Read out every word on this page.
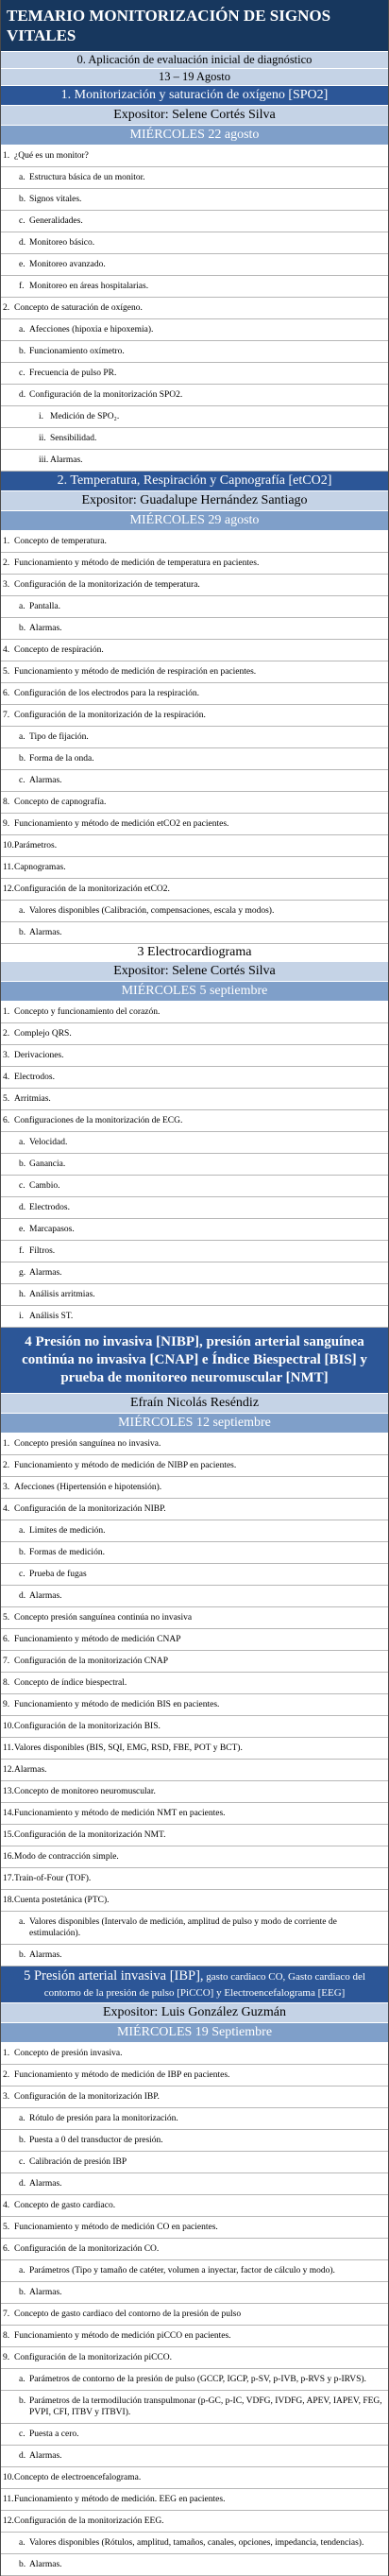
TEMARIO MONITORIZACIÓN DE SIGNOS VITALES
0. Aplicación de evaluación inicial de diagnóstico
13 – 19 Agosto
1. Monitorización y saturación de oxígeno [SPO2]
Expositor: Selene Cortés Silva
MIÉRCOLES 22 agosto
1. ¿Qué es un monitor?
a. Estructura básica de un monitor.
b. Signos vitales.
c. Generalidades.
d. Monitoreo básico.
e. Monitoreo avanzado.
f. Monitoreo en áreas hospitalarias.
2. Concepto de saturación de oxígeno.
a. Afecciones (hipoxia e hipoxemia).
b. Funcionamiento oxímetro.
c. Frecuencia de pulso PR.
d. Configuración de la monitorización SPO2.
i. Medición de SPO₂.
ii. Sensibilidad.
iii. Alarmas.
2. Temperatura, Respiración y Capnografía [etCO2]
Expositor: Guadalupe Hernández Santiago
MIÉRCOLES 29 agosto
1. Concepto de temperatura.
2. Funcionamiento y método de medición de temperatura en pacientes.
3. Configuración de la monitorización de temperatura.
a. Pantalla.
b. Alarmas.
4. Concepto de respiración.
5. Funcionamiento y método de medición de respiración en pacientes.
6. Configuración de los electrodos para la respiración.
7. Configuración de la monitorización de la respiración.
a. Tipo de fijación.
b. Forma de la onda.
c. Alarmas.
8. Concepto de capnografía.
9. Funcionamiento y método de medición etCO2 en pacientes.
10. Parámetros.
11. Capnogramas.
12. Configuración de la monitorización etCO2.
a. Valores disponibles (Calibración, compensaciones, escala y modos).
b. Alarmas.
3 Electrocardiograma
Expositor: Selene Cortés Silva
MIÉRCOLES 5 septiembre
1. Concepto y funcionamiento del corazón.
2. Complejo QRS.
3. Derivaciones.
4. Electrodos.
5. Arritmias.
6. Configuraciones de la monitorización de ECG.
a. Velocidad.
b. Ganancia.
c. Cambio.
d. Electrodos.
e. Marcapasos.
f. Filtros.
g. Alarmas.
h. Análisis arritmias.
i. Análisis ST.
4 Presión no invasiva [NIBP], presión arterial sanguínea continúa no invasiva [CNAP] e Índice Biespectral [BIS] y prueba de monitoreo neuromuscular [NMT]
Efraín Nicolás Reséndiz
MIÉRCOLES 12 septiembre
1. Concepto presión sanguínea no invasiva.
2. Funcionamiento y método de medición de NIBP en pacientes.
3. Afecciones (Hipertensión e hipotensión).
4. Configuración de la monitorización NIBP.
a. Limites de medición.
b. Formas de medición.
c. Prueba de fugas
d. Alarmas.
5. Concepto presión sanguínea continúa no invasiva
6. Funcionamiento y método de medición CNAP
7. Configuración de la monitorización CNAP
8. Concepto de índice biespectral.
9. Funcionamiento y método de medición BIS en pacientes.
10. Configuración de la monitorización BIS.
11. Valores disponibles (BIS, SQI, EMG, RSD, FBE, POT y BCT).
12. Alarmas.
13. Concepto de monitoreo neuromuscular.
14. Funcionamiento y método de medición NMT en pacientes.
15. Configuración de la monitorización NMT.
16. Modo de contracción simple.
17. Train-of-Four (TOF).
18. Cuenta postetánica (PTC).
a. Valores disponibles (Intervalo de medición, amplitud de pulso y modo de corriente de estimulación).
b. Alarmas.
5 Presión arterial invasiva [IBP], gasto cardiaco CO, Gasto cardiaco del contorno de la presión de pulso [PiCCO] y Electroencefalograma [EEG]
Expositor: Luis González Guzmán
MIÉRCOLES 19 Septiembre
1. Concepto de presión invasiva.
2. Funcionamiento y método de medición de IBP en pacientes.
3. Configuración de la monitorización IBP.
a. Rótulo de presión para la monitorización.
b. Puesta a 0 del transductor de presión.
c. Calibración de presión IBP
d. Alarmas.
4. Concepto de gasto cardiaco.
5. Funcionamiento y método de medición CO en pacientes.
6. Configuración de la monitorización CO.
a. Parámetros (Tipo y tamaño de catéter, volumen a inyectar, factor de cálculo y modo).
b. Alarmas.
7. Concepto de gasto cardiaco del contorno de la presión de pulso
8. Funcionamiento y método de medición piCCO en pacientes.
9. Configuración de la monitorización piCCO.
a. Parámetros de contorno de la presión de pulso (GCCP, IGCP, p-SV, p-IVB, p-RVS y p-IRVS).
b. Parámetros de la termodilución transpulmonar (p-GC, p-IC, VDFG, IVDFG, APEV, IAPEV, FEG, PVPI, CFI, ITBV y ITBVI).
c. Puesta a cero.
d. Alarmas.
10. Concepto de electroencefalograma.
11. Funcionamiento y método de medición. EEG en pacientes.
12. Configuración de la monitorización EEG.
a. Valores disponibles (Rótulos, amplitud, tamaños, canales, opciones, impedancia, tendencias).
b. Alarmas.
